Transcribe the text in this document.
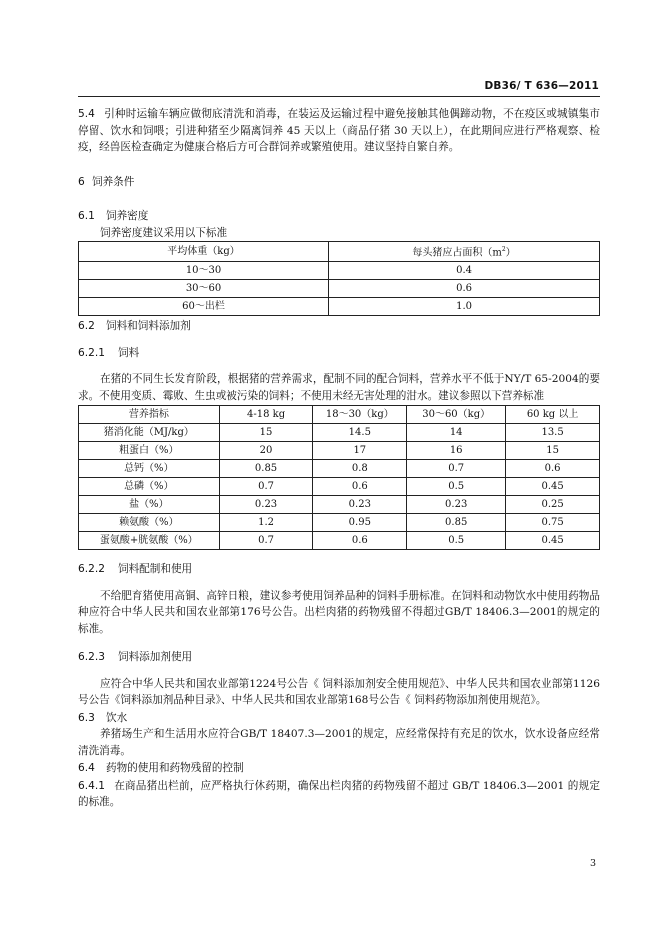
DB36/ T 636—2011

5.4 引种时运输车辆应做彻底清洗和消毒，在装运及运输过程中避免接触其他偶蹄动物，不在疫区或城镇集市停留、饮水和饲喂；引进种猪至少隔离饲养 45 天以上（商品仔猪 30 天以上），在此期间应进行严格观察、检疫，经兽医检查确定为健康合格后方可合群饲养或繁殖使用。建议坚持自繁自养。

6 饲养条件

6.1 饲养密度

饲养密度建议采用以下标准

平均体重（kg）	每头猪应占面积$(m^2)$
10～30	0.4
30～60	0.6
60～出栏	1.0

6.2 饲料和饲料添加剂

6.2.1 饲料

在猪的不同生长发育阶段，根据猪的营养需求，配制不同的配合饲料，营养水平不低于NY/T 65-2004的要求。不使用变质、霉败、生虫或被污染的饲料；不使用未经无害处理的泔水。建议参照以下营养标准

营养指标	4-18 kg	18～30（kg）	30～60（kg）	60 kg 以上
猪消化能（MJ/kg）	15	14.5	14	13.5
粗蛋白（%）	20	17	16	15
总钙（%）	0.85	0.8	0.7	0.6
总磷（%）	0.7	0.6	0.5	0.45
盐（%）	0.23	0.23	0.23	0.25
赖氨酸（%）	1.2	0.95	0.85	0.75
蛋氨酸+胱氨酸（%）	0.7	0.6	0.5	0.45

6.2.2 饲料配制和使用

不给肥育猪使用高铜、高锌日粮，建议参考使用饲养品种的饲料手册标准。在饲料和动物饮水中使用药物品种应符合中华人民共和国农业部第176号公告。出栏肉猪的药物残留不得超过GB/T 18406.3—2001的规定的标准。

6.2.3 饲料添加剂使用

应符合中华人民共和国农业部第1224号公告《 饲料添加剂安全使用规范》、中华人民共和国农业部第1126号公告《饲料添加剂品种目录》、中华人民共和国农业部第168号公告《 饲料药物添加剂使用规范》。

6.3 饮水

养猪场生产和生活用水应符合GB/T 18407.3—2001的规定，应经常保持有充足的饮水，饮水设备应经常清洗消毒。

6.4 药物的使用和药物残留的控制

6.4.1 在商品猪出栏前，应严格执行休药期，确保出栏肉猪的药物残留不超过 GB/T 18406.3—2001 的规定的标准。

3
